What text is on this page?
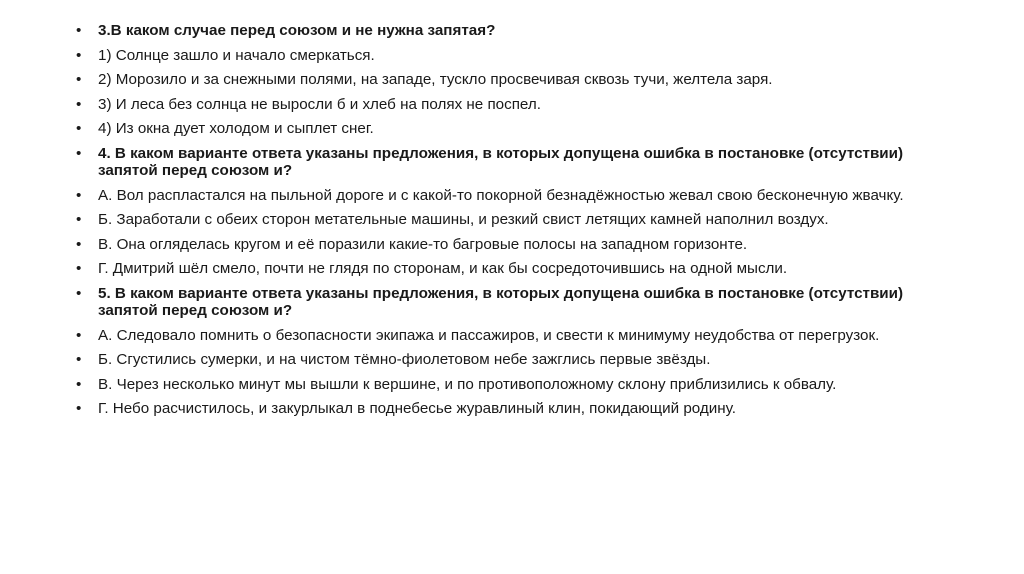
• 3.В каком случае перед союзом и не нужна запятая?
• 1) Солнце зашло и начало смеркаться.
• 2) Морозило и за снежными полями, на западе, тускло просвечивая сквозь тучи, желтела заря.
• 3) И леса без солнца не выросли б и хлеб на полях не поспел.
• 4) Из окна дует холодом и сыплет снег.
• 4. В каком варианте ответа указаны предложения, в которых допущена ошибка в постановке (отсутствии) запятой перед союзом и?
• А. Вол распластался на пыльной дороге и с какой-то покорной безнадёжностью жевал свою бесконечную жвачку.
• Б. Заработали с обеих сторон метательные машины, и резкий свист летящих камней наполнил воздух.
• В. Она огляделась кругом и её поразили какие-то багровые полосы на западном горизонте.
• Г. Дмитрий шёл смело, почти не глядя по сторонам, и как бы сосредоточившись на одной мысли.
• 5. В каком варианте ответа указаны предложения, в которых допущена ошибка в постановке (отсутствии) запятой перед союзом и?
• А. Следовало помнить о безопасности экипажа и пассажиров, и свести к минимуму неудобства от перегрузок.
• Б. Сгустились сумерки, и на чистом тёмно-фиолетовом небе зажглись первые звёзды.
• В. Через несколько минут мы вышли к вершине, и по противоположному склону приблизились к обвалу.
• Г. Небо расчистилось, и закурлыкал в поднебесье журавлиный клин, покидающий родину.
